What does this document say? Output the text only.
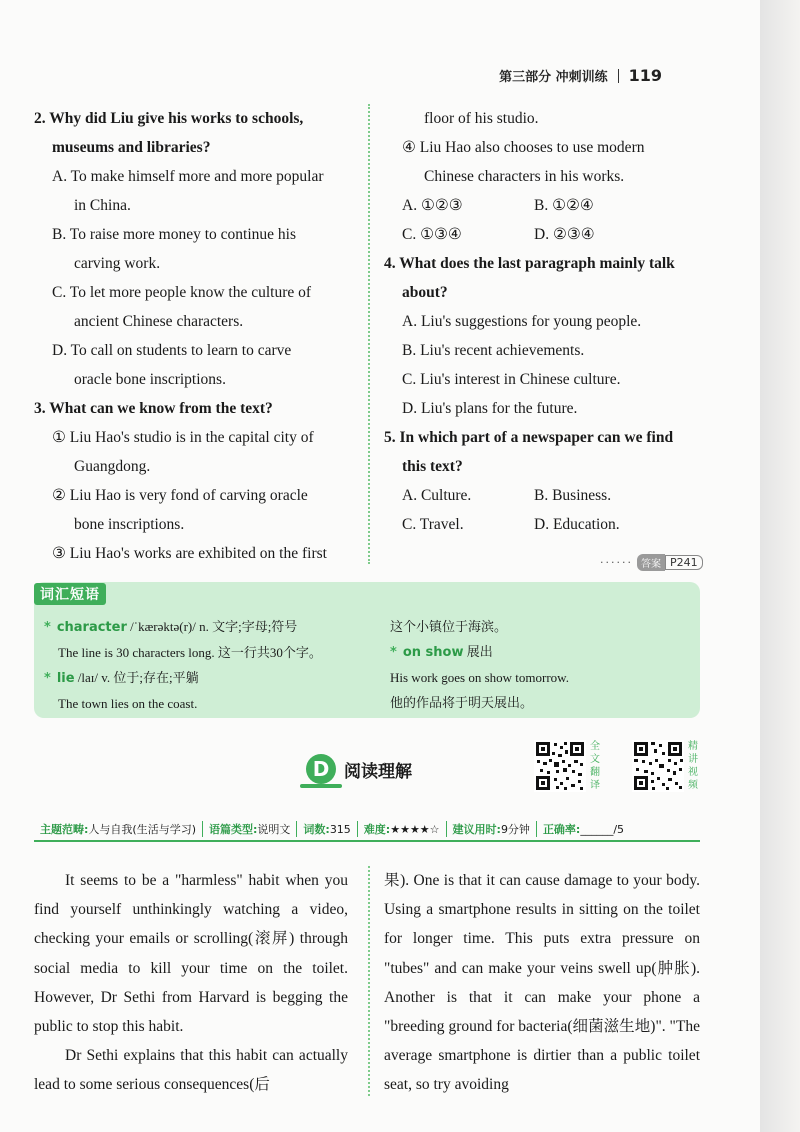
第三部分 冲刺训练 119
2. Why did Liu give his works to schools,
museums and libraries?
A. To make himself more and more popular
in China.
B. To raise more money to continue his
carving work.
C. To let more people know the culture of
ancient Chinese characters.
D. To call on students to learn to carve
oracle bone inscriptions.
3. What can we know from the text?
① Liu Hao's studio is in the capital city of
Guangdong.
② Liu Hao is very fond of carving oracle
bone inscriptions.
③ Liu Hao's works are exhibited on the first
floor of his studio.
④ Liu Hao also chooses to use modern
Chinese characters in his works.
A. ①②③	B. ①②④
C. ①③④	D. ②③④
4. What does the last paragraph mainly talk
about?
A. Liu's suggestions for young people.
B. Liu's recent achievements.
C. Liu's interest in Chinese culture.
D. Liu's plans for the future.
5. In which part of a newspaper can we find
this text?
A. Culture.	B. Business.
C. Travel.	D. Education.
······ 答案 P241
* character /ˈkærəktə(r)/ n. 文字;字母;符号
The line is 30 characters long. 这一行共30个字。
* lie /laɪ/ v. 位于;存在;平躺
The town lies on the coast.
这个小镇位于海滨。
* on show 展出
His work goes on show tomorrow.
他的作品将于明天展出。
词汇短语
D 阅读理解
全文翻译
精讲视频
主题范畴:人与自我(生活与学习)	语篇类型:说明文	词数:315	难度:★★★★☆	建议用时:9分钟	正确率:______/5

It seems to be a "harmless" habit when you find yourself unthinkingly watching a video, checking your emails or scrolling(滚屏) through social media to kill your time on the toilet. However, Dr Sethi from Harvard is begging the public to stop this habit.

Dr Sethi explains that this habit can actually lead to some serious consequences(后

果). One is that it can cause damage to your body. Using a smartphone results in sitting on the toilet for longer time. This puts extra pressure on "tubes" and can make your veins swell up(肿胀). Another is that it can make your phone a "breeding ground for bacteria(细菌滋生地)". "The average smartphone is dirtier than a public toilet seat, so try avoiding
